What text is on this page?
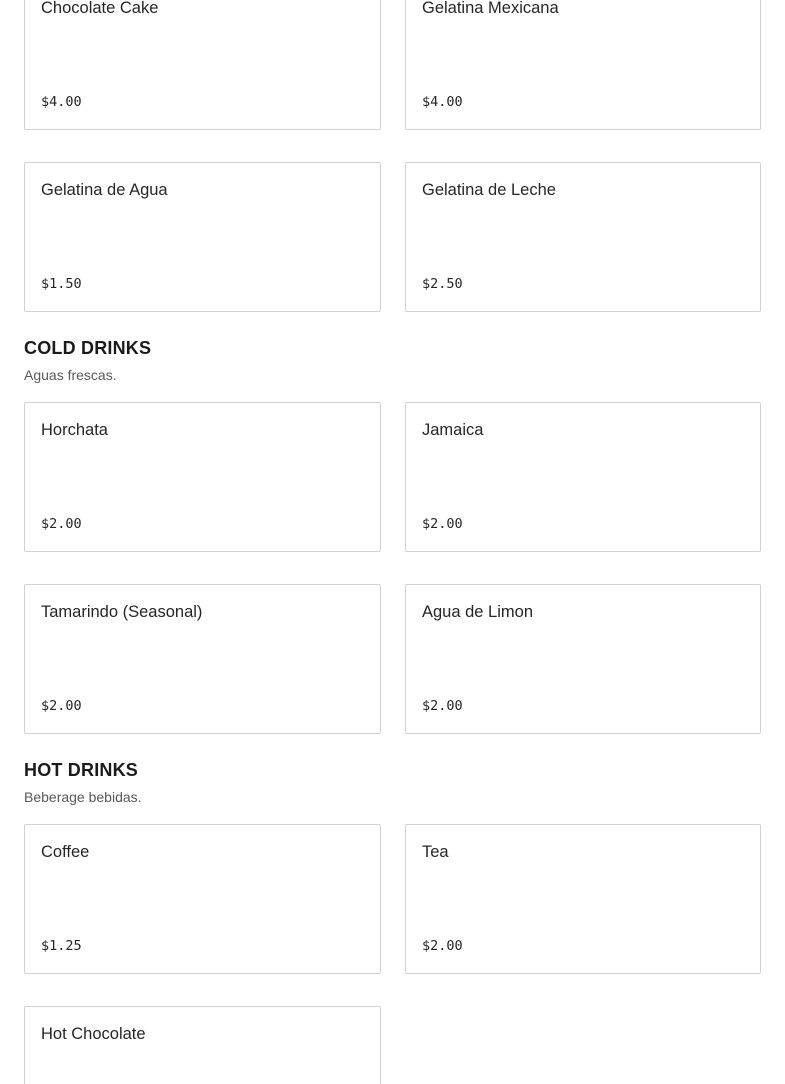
Chocolate Cake
$4.00
Gelatina Mexicana
$4.00
Gelatina de Agua
$1.50
Gelatina de Leche
$2.50
COLD DRINKS
Aguas frescas.
Horchata
$2.00
Jamaica
$2.00
Tamarindo (Seasonal)
$2.00
Agua de Limon
$2.00
HOT DRINKS
Beberage bebidas.
Coffee
$1.25
Tea
$2.00
Hot Chocolate
